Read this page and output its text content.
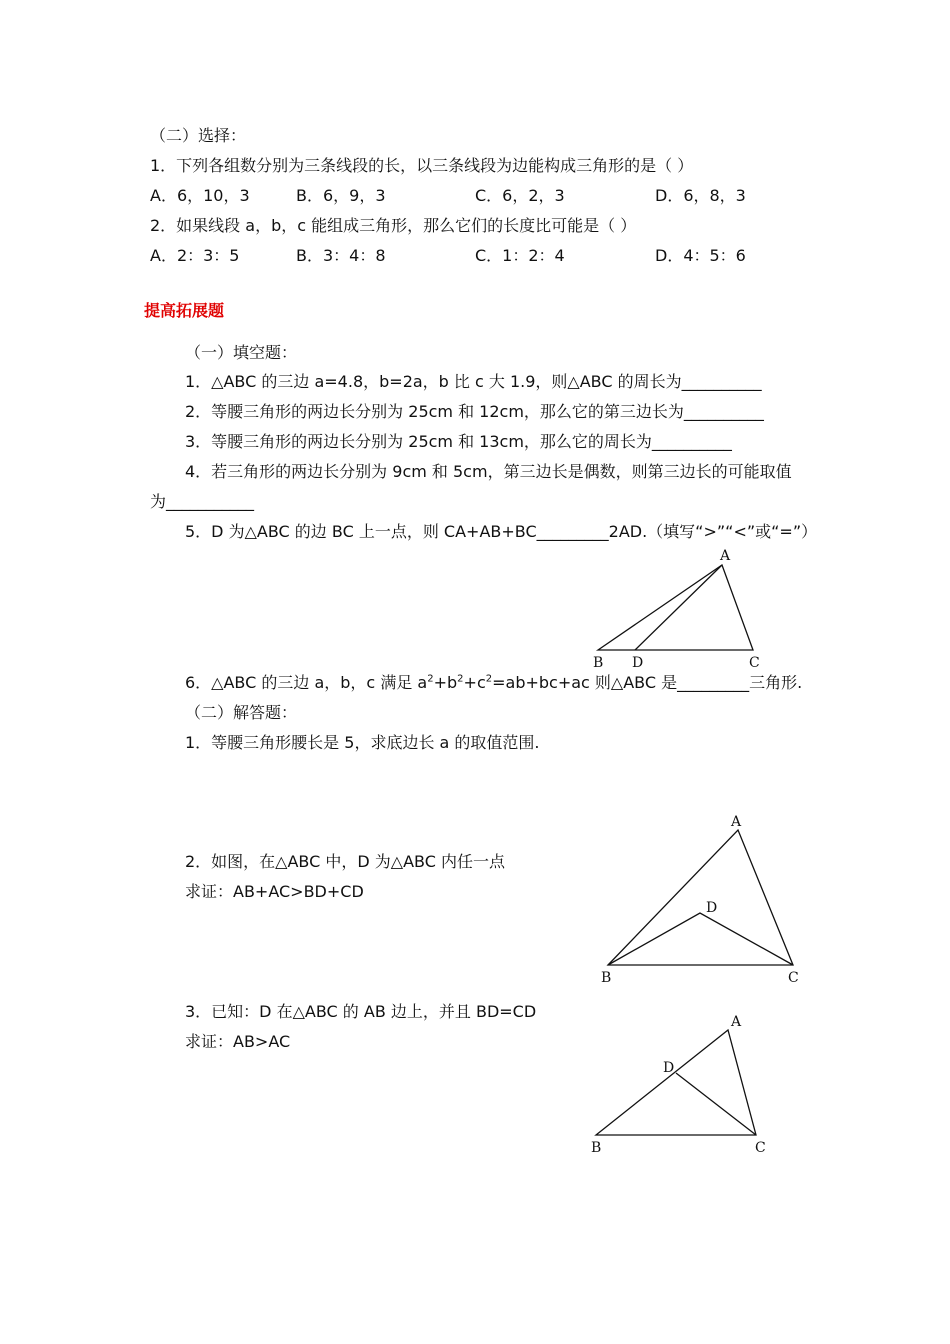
（二）选择：
1．下列各组数分别为三条线段的长，以三条线段为边能构成三角形的是（ ）
A．6，10，3	B．6，9，3	C．6，2，3	D．6，8，3
2．如果线段 a，b，c 能组成三角形，那么它们的长度比可能是（ ）
A．2：3：5	B．3：4：8	C．1：2：4	D．4：5：6
提高拓展题
（一）填空题：
1．△ABC 的三边 a=4.8，b=2a，b 比 c 大 1.9，则△ABC 的周长为__________
2．等腰三角形的两边长分别为 25cm 和 12cm，那么它的第三边长为__________
3．等腰三角形的两边长分别为 25cm 和 13cm，那么它的周长为__________
4．若三角形的两边长分别为 9cm 和 5cm，第三边长是偶数，则第三边长的可能取值
为___________
5．D 为△ABC 的边 BC 上一点，则 CA+AB+BC_________2AD.（填写“>”“<”或“=”）
A
B D	C
6．△ABC 的三边 a，b，c 满足 $a^2+b^2+c^2=ab+bc+ac$ 则△ABC 是_________三角形.
（二）解答题：
1．等腰三角形腰长是 5，求底边长 a 的取值范围.
2．如图，在△ABC 中，D 为△ABC 内任一点
求证：AB+AC>BD+CD
A
D
B	C
3．已知：D 在△ABC 的 AB 边上，并且 BD=CD
求证：AB>AC
A
D
B	C
